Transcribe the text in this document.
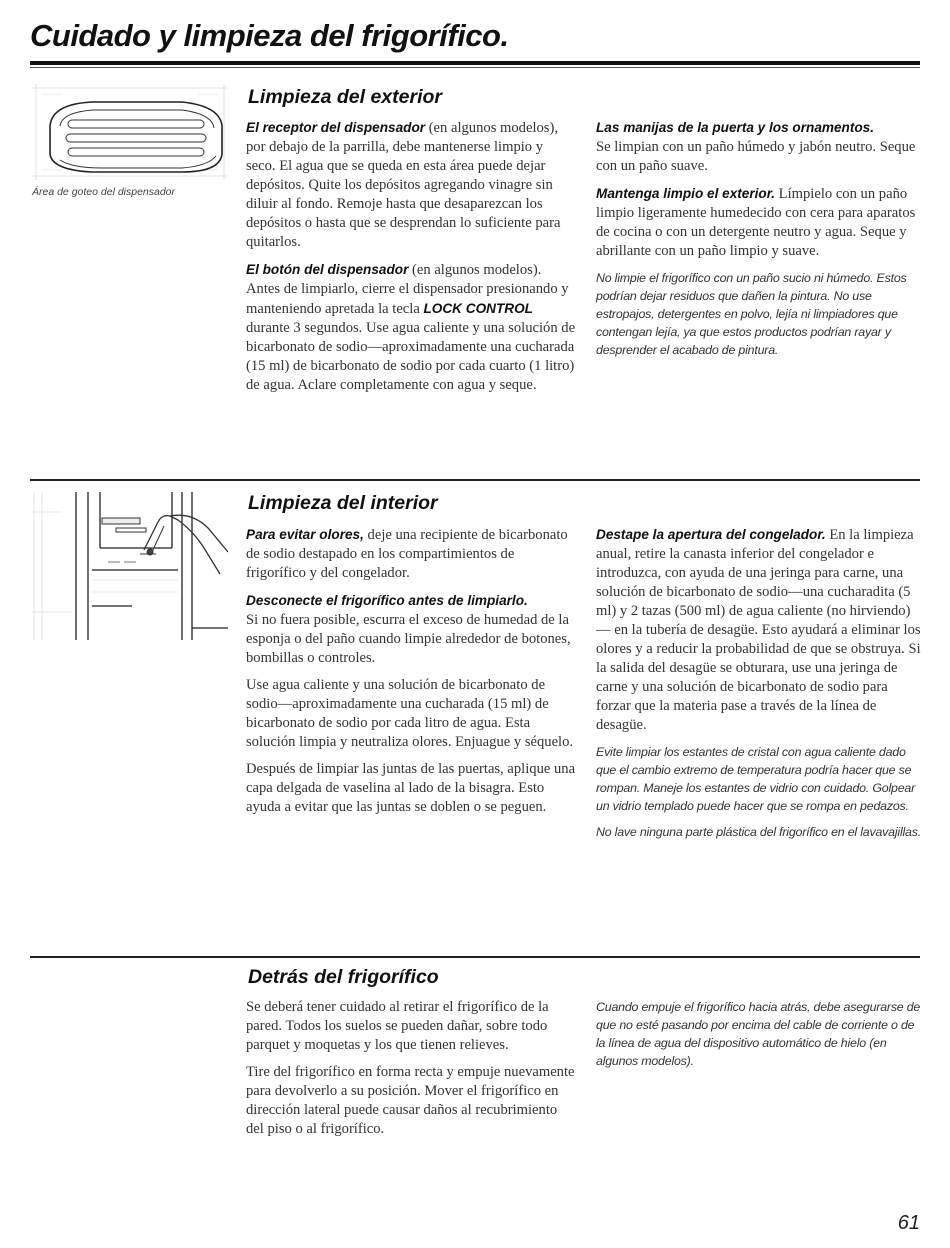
Cuidado y limpieza del frigorífico.

Área de goteo del dispensador

Limpieza del exterior

El receptor del dispensador (en algunos modelos), por debajo de la parrilla, debe mantenerse limpio y seco. El agua que se queda en esta área puede dejar depósitos. Quite los depósitos agregando vinagre sin diluir al fondo. Remoje hasta que desaparezcan los depósitos o hasta que se desprendan lo suficiente para quitarlos.

El botón del dispensador (en algunos modelos). Antes de limpiarlo, cierre el dispensador presionando y manteniendo apretada la tecla LOCK CONTROL durante 3 segundos. Use agua caliente y una solución de bicarbonato de sodio—aproximadamente una cucharada (15 ml) de bicarbonato de sodio por cada cuarto (1 litro) de agua. Aclare completamente con agua y seque.

Las manijas de la puerta y los ornamentos.
Se limpian con un paño húmedo y jabón neutro. Seque con un paño suave.

Mantenga limpio el exterior. Límpielo con un paño limpio ligeramente humedecido con cera para aparatos de cocina o con un detergente neutro y agua. Seque y abrillante con un paño limpio y suave.

No limpie el frigorífico con un paño sucio ni húmedo. Estos podrían dejar residuos que dañen la pintura. No use estropajos, detergentes en polvo, lejía ni limpiadores que contengan lejía, ya que estos productos podrían rayar y desprender el acabado de pintura.

Limpieza del interior

Para evitar olores, deje una recipiente de bicarbonato de sodio destapado en los compartimientos de frigorífico y del congelador.

Desconecte el frigorífico antes de limpiarlo.
Si no fuera posible, escurra el exceso de humedad de la esponja o del paño cuando limpie alrededor de botones, bombillas o controles.

Use agua caliente y una solución de bicarbonato de sodio—aproximadamente una cucharada (15 ml) de bicarbonato de sodio por cada litro de agua. Esta solución limpia y neutraliza olores. Enjuague y séquelo.

Después de limpiar las juntas de las puertas, aplique una capa delgada de vaselina al lado de la bisagra. Esto ayuda a evitar que las juntas se doblen o se peguen.

Destape la apertura del congelador. En la limpieza anual, retire la canasta inferior del congelador e introduzca, con ayuda de una jeringa para carne, una solución de bicarbonato de sodio—una cucharadita (5 ml) y 2 tazas (500 ml) de agua caliente (no hirviendo)— en la tubería de desagüe. Esto ayudará a eliminar los olores y a reducir la probabilidad de que se obstruya. Si la salida del desagüe se obturara, use una jeringa de carne y una solución de bicarbonato de sodio para forzar que la materia pase a través de la línea de desagüe.

Evite limpiar los estantes de cristal con agua caliente dado que el cambio extremo de temperatura podría hacer que se rompan. Maneje los estantes de vidrio con cuidado. Golpear un vidrio templado puede hacer que se rompa en pedazos.

No lave ninguna parte plástica del frigorífico en el lavavajillas.

Detrás del frigorífico

Se deberá tener cuidado al retirar el frigorífico de la pared. Todos los suelos se pueden dañar, sobre todo parquet y moquetas y los que tienen relieves.

Tire del frigorífico en forma recta y empuje nuevamente para devolverlo a su posición. Mover el frigorífico en dirección lateral puede causar daños al recubrimiento del piso o al frigorífico.

Cuando empuje el frigorífico hacia atrás, debe asegurarse de que no esté pasando por encima del cable de corriente o de la línea de agua del dispositivo automático de hielo (en algunos modelos).

61
